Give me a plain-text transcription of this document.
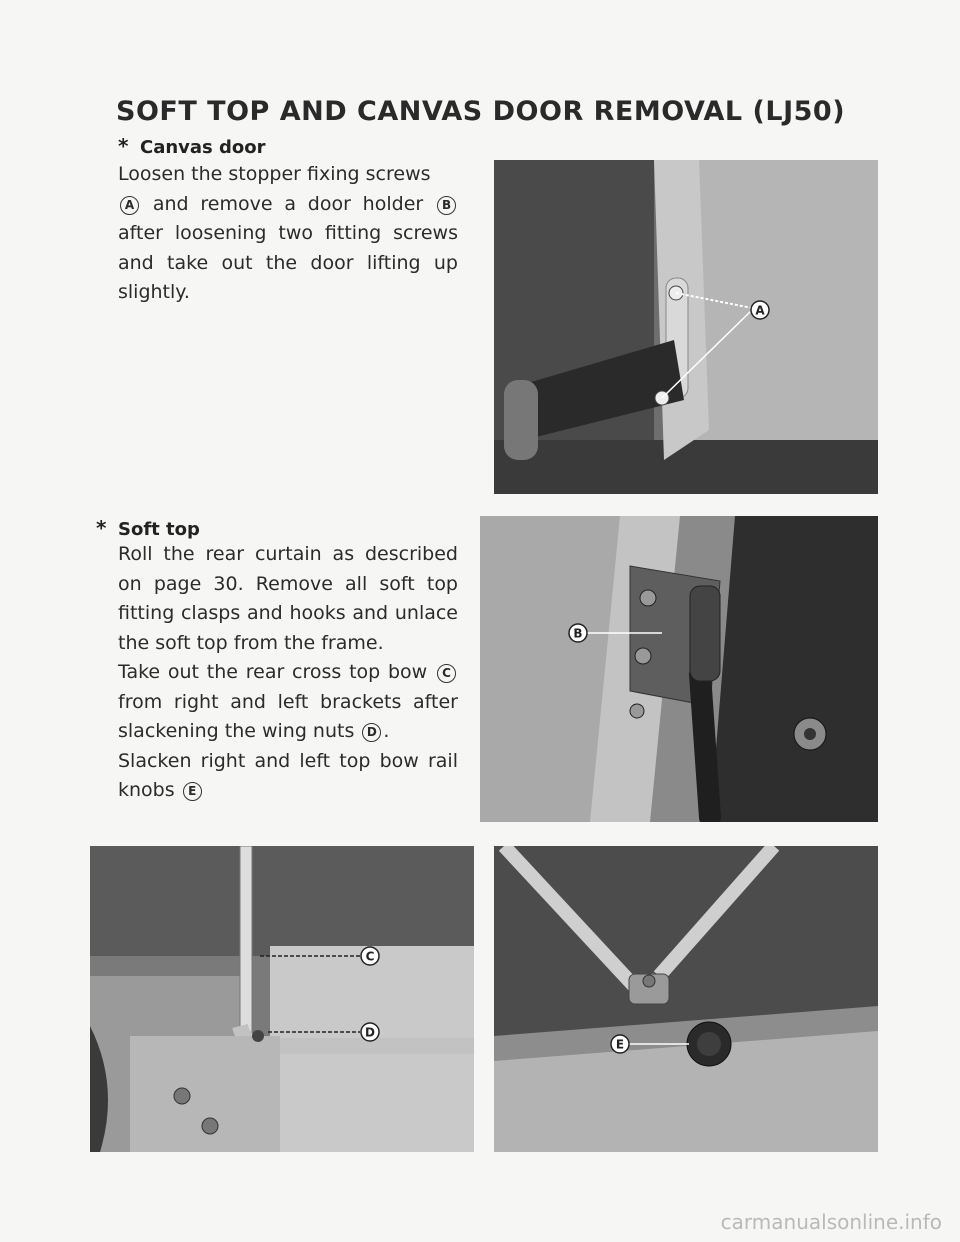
SOFT TOP AND CANVAS DOOR REMOVAL (LJ50)
* Canvas door

Loosen the stopper fixing screws
A and remove a door holder B after loosening two fitting screws and take out the door lifting up slightly.

* Soft top

Roll the rear curtain as described on page 30. Remove all soft top fitting clasps and hooks and unlace the soft top from the frame.

Take out the rear cross top bow C from right and left brackets after slackening the wing nuts D .

Slacken right and left top bow rail knobs E

A
B
C
D
E
carmanualsonline.info
